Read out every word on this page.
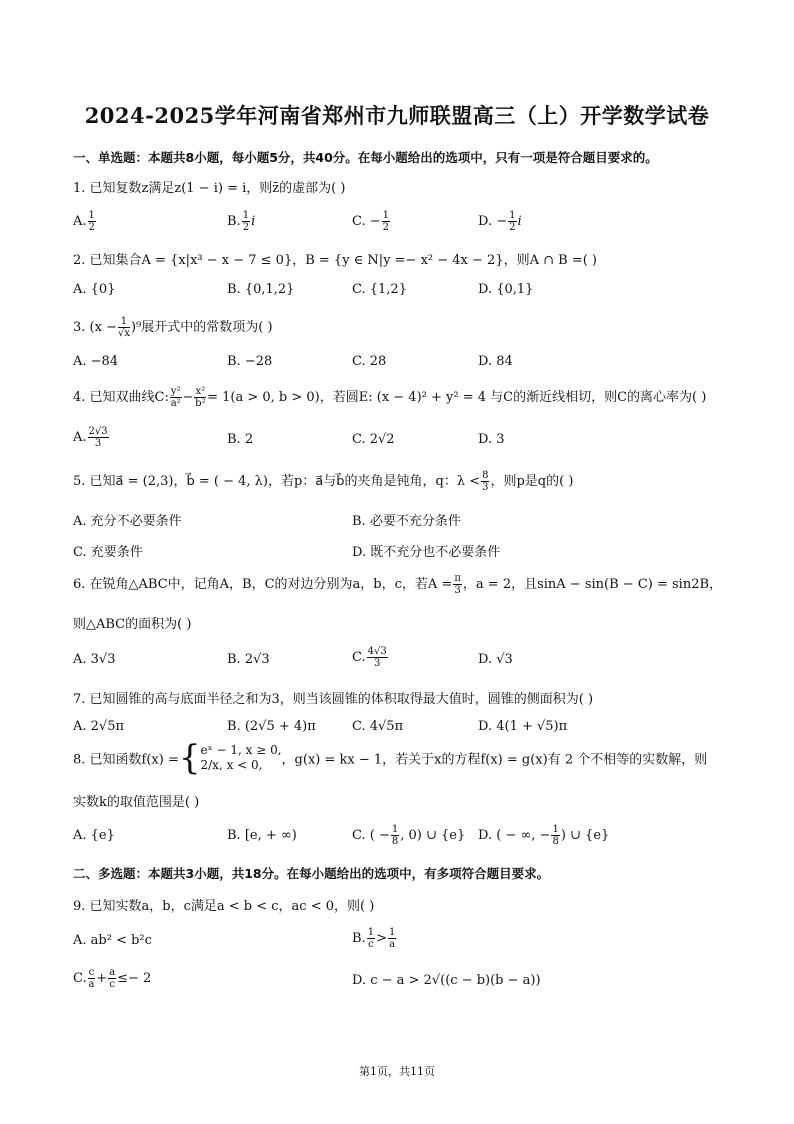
2024-2025学年河南省郑州市九师联盟高三（上）开学数学试卷
一、单选题：本题共8小题，每小题5分，共40分。在每小题给出的选项中，只有一项是符合题目要求的。
1. 已知复数z满足z(1 − i) = i，则z̄的虚部为( )
A. $\frac{1}{2}$	B. $\frac{1}{2}$ i	C. − $\frac{1}{2}$	D. − $\frac{1}{2}$ i
2. 已知集合A = {x|x³ − x − 7 ≤ 0}，B = {y ∈ N|y =− x² − 4x − 2}，则A ∩ B =( )
A. {0}	B. {0,1,2}	C. {1,2}	D. {0,1}
3. $(x - \frac{1}{√x} )^9$展开式中的常数项为( )
A. −84	B. −28	C. 28	D. 84
4. 已知双曲线C: $\frac{\text{y²}}{\text{a²}} - \frac{\text{x²}}{\text{b²}} = 1(a > 0$, b > 0)，若圆E: (x − 4)² + y² = 4 与C的渐近线相切，则C的离心率为( )
A. $\frac{2√3}{3}$	B. 2	C. 2√2	D. 3
5. 已知a⃗ = (2,3)，b⃗ = ( − 4, λ)，若p：a⃗与b⃗的夹角是钝角，q：$\lambda < \frac{8}{3}$ ，则p是q的( )
A. 充分不必要条件	B. 必要不充分条件
C. 充要条件	D. 既不充分也不必要条件
6. 在锐角△ABC中，记角A，B，C的对边分别为a，b，c，若$A = \frac{\pi}{3}$ ，a = 2，且sinA − sin(B − C) = sin2B，
则△ABC的面积为( )
A. 3√3	B. 2√3	C. $\frac{4√3}{3}$	D. √3
7. 已知圆锥的高与底面半径之和为3，则当该圆锥的体积取得最大值时，圆锥的侧面积为( )
A. 2√5π	B. (2√5 + 4)π	C. 4√5π	D. 4(1 + √5)π
8. 已知函数f(x) ={ eˣ − 1, x ≥ 0,
2/x, x < 0,	，g(x) = kx − 1，若关于x的方程f(x) = g(x)有 2 个不相等的实数解，则
实数k的取值范围是( )
A. {e}	B. [e, + ∞)	C. ( − $\frac{1}{8}$ , 0) ∪ {e} D. ( − ∞, − $\frac{1}{8}$ ) ∪ {e}
二、多选题：本题共3小题，共18分。在每小题给出的选项中，有多项符合题目要求。
9. 已知实数a，b，c满足a < b < c，ac < 0，则( )
A. ab² < b²c	B. $\frac{1}{c} > \frac{1}{a}$
C. $\frac{c}{a} + \frac{a}{c} \le- 2$	D. c − a > 2√((c − b)(b − a))
第1页，共11页
